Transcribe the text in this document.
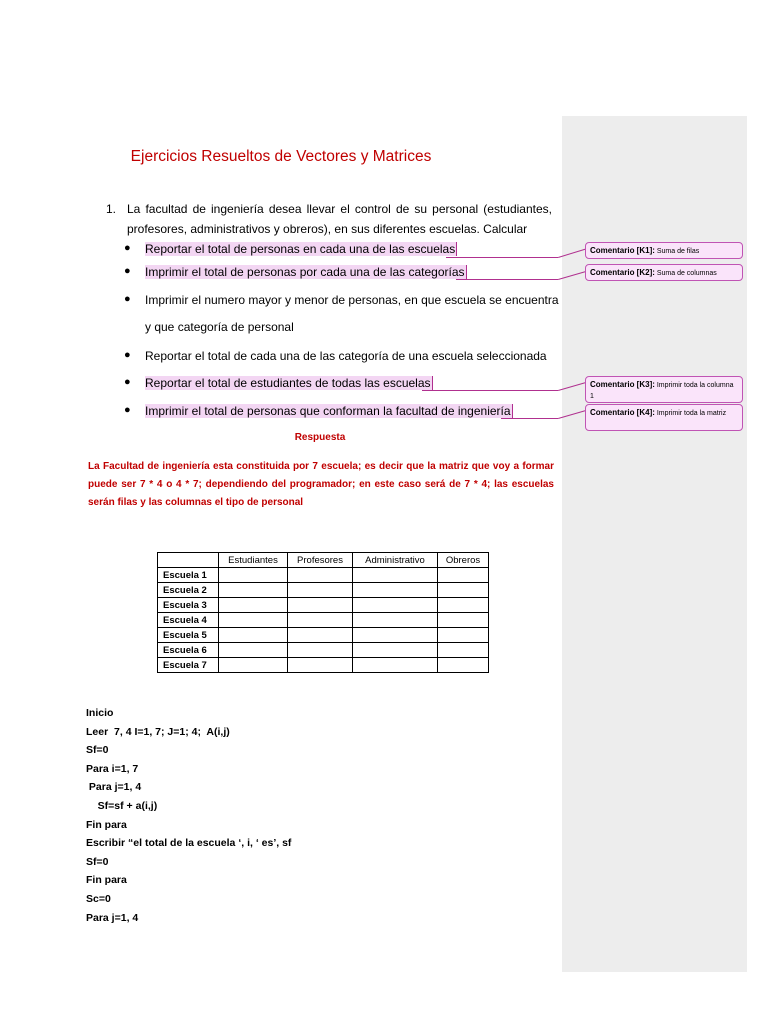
Ejercicios Resueltos de Vectores y Matrices
1. La facultad de ingeniería desea llevar el control de su personal (estudiantes, profesores, administrativos y obreros), en sus diferentes escuelas. Calcular
● Reportar el total de personas en cada una de las escuelas
● Imprimir el total de personas por cada una de las categorías
● Imprimir el numero mayor y menor de personas, en que escuela se encuentra
y que categoría de personal
● Reportar el total de cada una de las categoría de una escuela seleccionada
● Reportar el total de estudiantes de todas las escuelas
● Imprimir el total de personas que conforman la facultad de ingeniería
Comentario [K1]: Suma de filas
Comentario [K2]: Suma de columnas
Comentario [K3]: Imprimir toda la columna 1
Comentario [K4]: Imprimir toda la matriz
Respuesta
La Facultad de ingeniería esta constituida por 7 escuela; es decir que la matriz que voy a formar puede ser 7 * 4 o 4 * 7; dependiendo del programador; en este caso será de 7 * 4; las escuelas serán filas y las columnas el tipo de personal
	Estudiantes	Profesores	Administrativo	Obreros
Escuela 1				
Escuela 2				
Escuela 3				
Escuela 4				
Escuela 5				
Escuela 6				
Escuela 7				
Inicio
Leer  7, 4 I=1, 7; J=1; 4;  A(i,j)
Sf=0
Para i=1, 7
Para j=1, 4
Sf=sf + a(i,j)
Fin para
Escribir “el total de la escuela ‘, i, ‘ es’, sf
Sf=0
Fin para
Sc=0
Para j=1, 4
